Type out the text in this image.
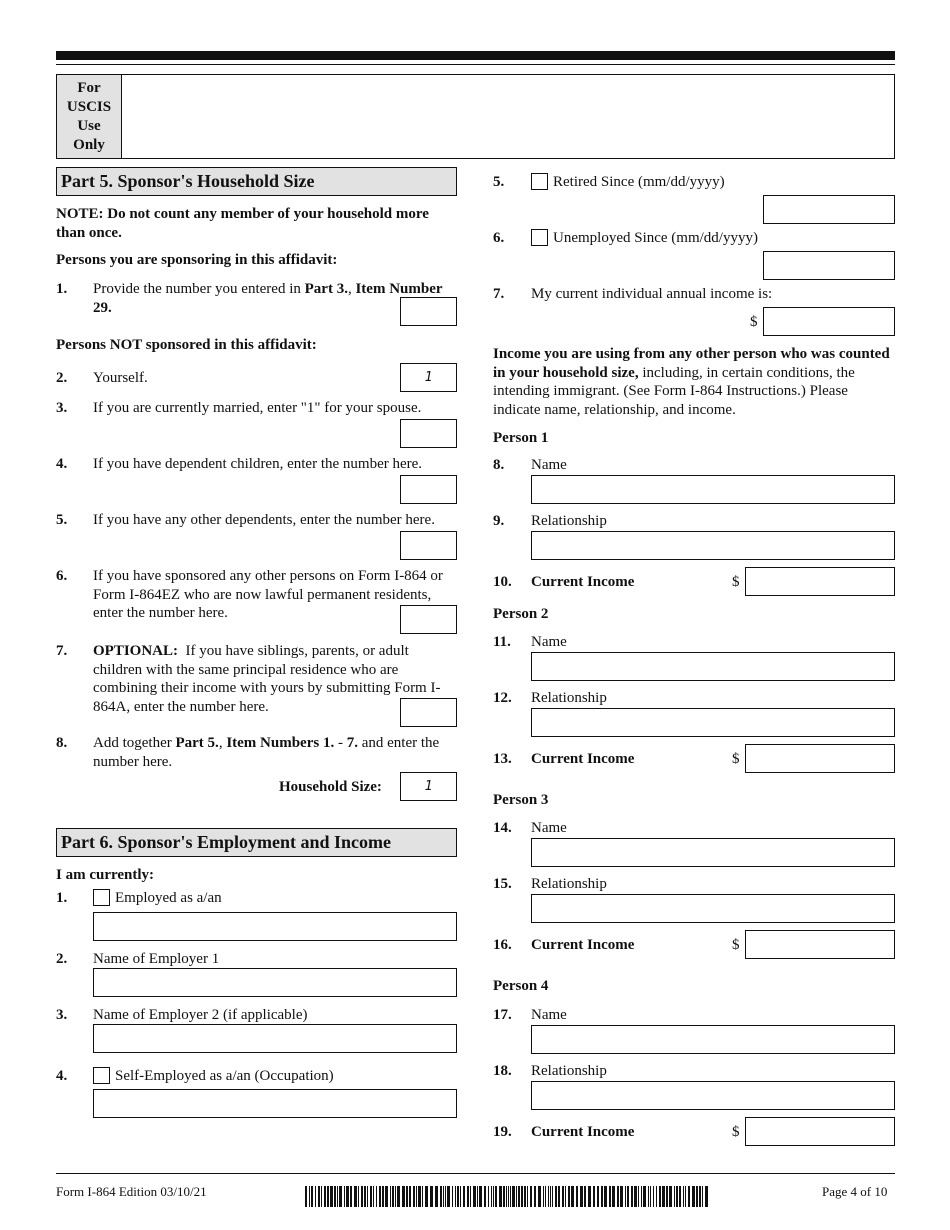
For
USCIS
Use
Only
Part 5. Sponsor's Household Size
NOTE: Do not count any member of your household more than once.
Persons you are sponsoring in this affidavit:
1. Provide the number you entered in Part 3., Item Number 29.
Persons NOT sponsored in this affidavit:
2. Yourself.	1
3. If you are currently married, enter "1" for your spouse.
4. If you have dependent children, enter the number here.
5. If you have any other dependents, enter the number here.
6. If you have sponsored any other persons on Form I-864 or Form I-864EZ who are now lawful permanent residents, enter the number here.
7. OPTIONAL: If you have siblings, parents, or adult children with the same principal residence who are combining their income with yours by submitting Form I-864A, enter the number here.
8. Add together Part 5., Item Numbers 1. - 7. and enter the number here.
Household Size:	1
Part 6. Sponsor's Employment and Income
I am currently:
1.	Employed as a/an
2. Name of Employer 1
3. Name of Employer 2 (if applicable)
4.	Self-Employed as a/an (Occupation)
5.	Retired Since (mm/dd/yyyy)
6.	Unemployed Since (mm/dd/yyyy)
7. My current individual annual income is:
$
Income you are using from any other person who was counted in your household size, including, in certain conditions, the intending immigrant. (See Form I-864 Instructions.) Please indicate name, relationship, and income.
Person 1
8. Name
9. Relationship
10. Current Income	$
Person 2
11. Name
12. Relationship
13. Current Income	$
Person 3
14. Name
15. Relationship
16. Current Income	$
Person 4
17. Name
18. Relationship
19. Current Income	$
Form I-864 Edition 03/10/21	Page 4 of 10
